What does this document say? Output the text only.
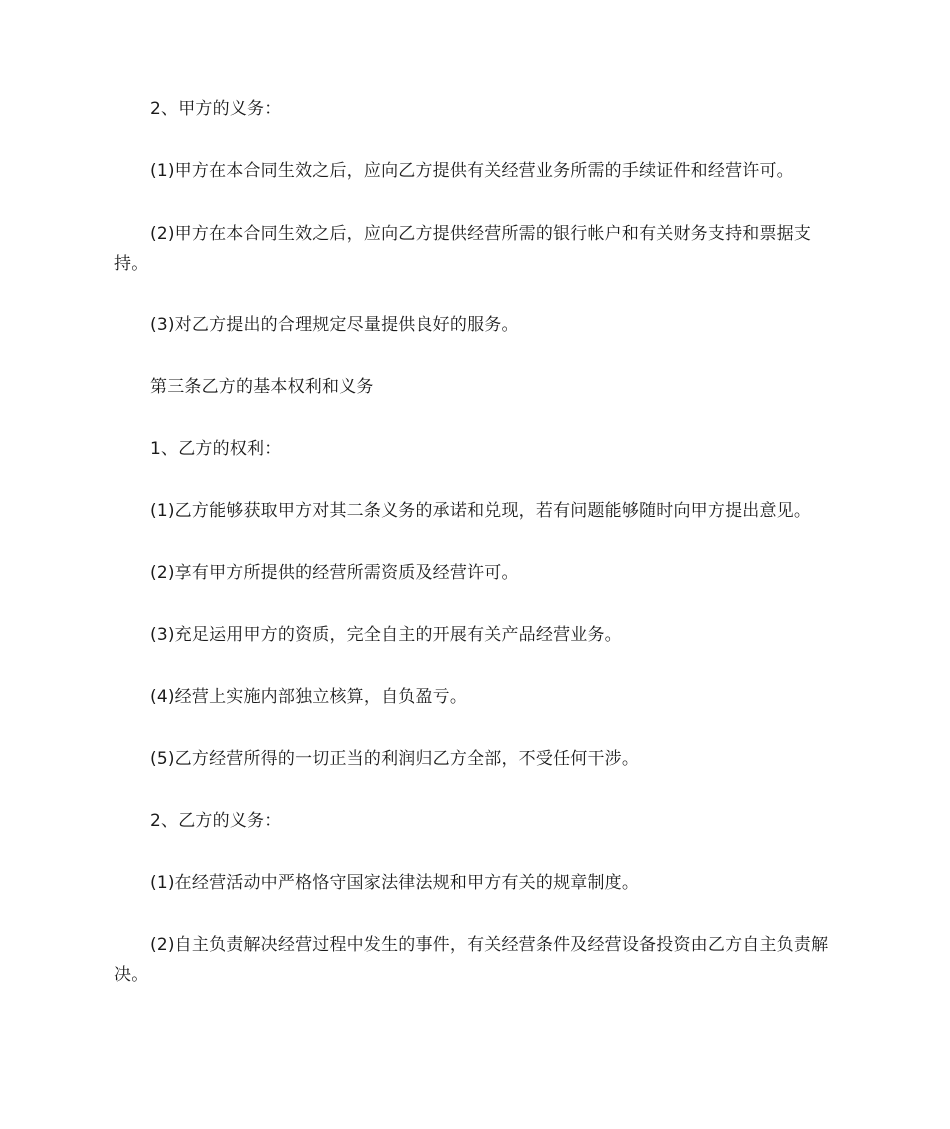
2、甲方的义务：

(1)甲方在本合同生效之后，应向乙方提供有关经营业务所需的手续证件和经营许可。

(2)甲方在本合同生效之后，应向乙方提供经营所需的银行帐户和有关财务支持和票据支持。

(3)对乙方提出的合理规定尽量提供良好的服务。

第三条乙方的基本权利和义务

1、乙方的权利：

(1)乙方能够获取甲方对其二条义务的承诺和兑现，若有问题能够随时向甲方提出意见。

(2)享有甲方所提供的经营所需资质及经营许可。

(3)充足运用甲方的资质，完全自主的开展有关产品经营业务。

(4)经营上实施内部独立核算，自负盈亏。

(5)乙方经营所得的一切正当的利润归乙方全部，不受任何干涉。

2、乙方的义务：

(1)在经营活动中严格恪守国家法律法规和甲方有关的规章制度。

(2)自主负责解决经营过程中发生的事件，有关经营条件及经营设备投资由乙方自主负责解决。
